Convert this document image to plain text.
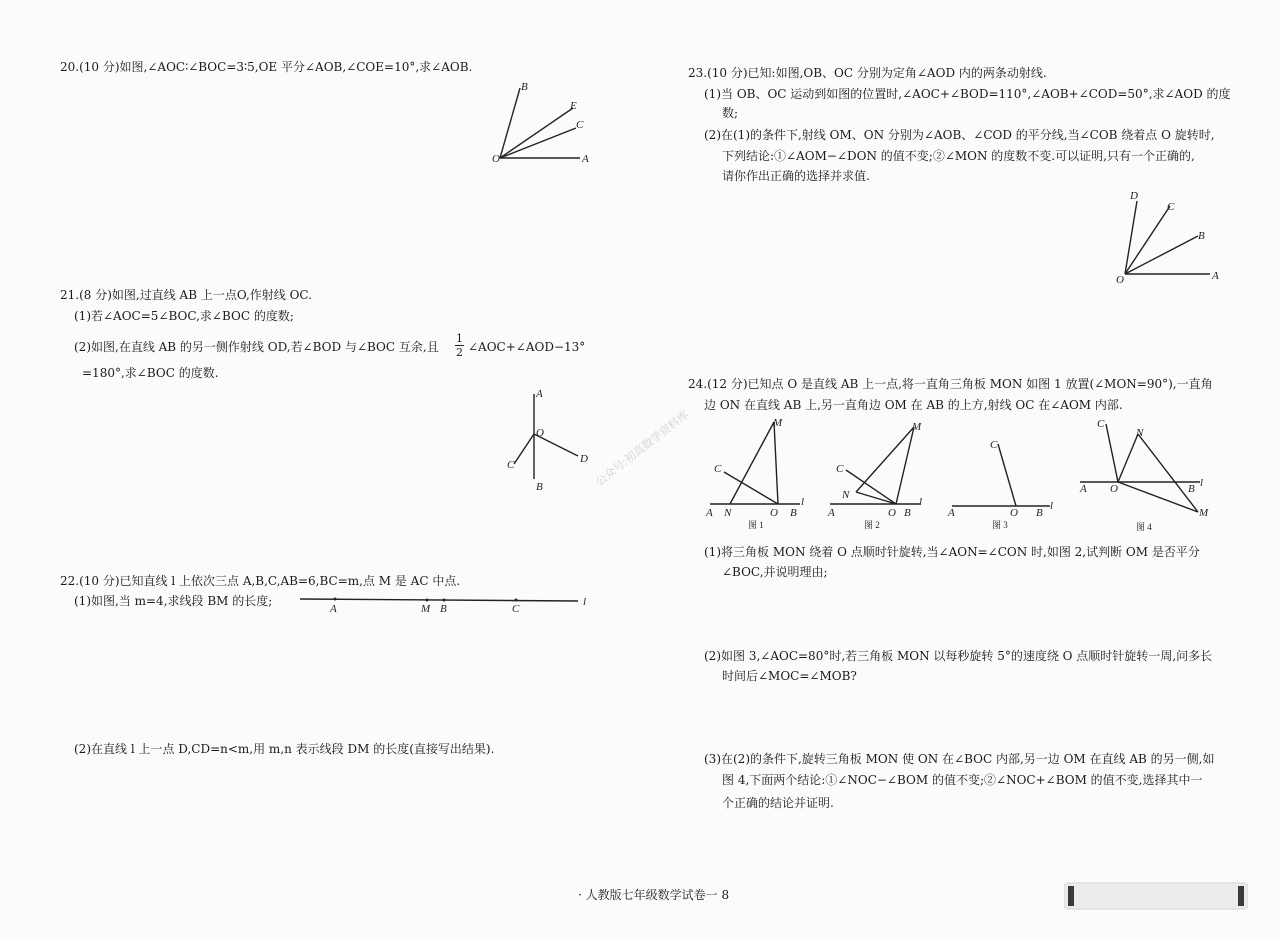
20.(10 分)如图,∠AOC∶∠BOC=3∶5,OE 平分∠AOB,∠COE=10°,求∠AOB.
B
E
C
O	A
21.(8 分)如图,过直线 AB 上一点O,作射线 OC.
(1)若∠AOC=5∠BOC,求∠BOC 的度数;
(2)如图,在直线 AB 的另一侧作射线 OD,若∠BOD 与∠BOC 互余,且
1
2 ∠AOC+∠AOD−13°
=180°,求∠BOC 的度数.
A
O
C	D
B	公众号:初高数学资料库
22.(10 分)已知直线 l 上依次三点 A,B,C,AB=6,BC=m,点 M 是 AC 中点.
(1)如图,当 m=4,求线段 BM 的长度;
A	M B	C
l
(2)在直线 l 上一点 D,CD=n<m,用 m,n 表示线段 DM 的长度(直接写出结果).
23.(10 分)已知:如图,OB、OC 分别为定角∠AOD 内的两条动射线.
(1)当 OB、OC 运动到如图的位置时,∠AOC+∠BOD=110°,∠AOB+∠COD=50°,求∠AOD 的度
数;
(2)在(1)的条件下,射线 OM、ON 分别为∠AOB、∠COD 的平分线,当∠COB 绕着点 O 旋转时,
下列结论:①∠AOM−∠DON 的值不变;②∠MON 的度数不变.可以证明,只有一个正确的,
请你作出正确的选择并求值.
D
C
B
O	A
24.(12 分)已知点 O 是直线 AB 上一点,将一直角三角板 MON 如图 1 放置(∠MON=90°),一直角
边 ON 在直线 AB 上,另一直角边 OM 在 AB 的上方,射线 OC 在∠AOM 内部.
A N	O B
l
M
C
图 1
A	O B
l
M
C
N
图 2
A	O B
l
C
图 3
A O	B l
C
N
M
图 4
(1)将三角板 MON 绕着 O 点顺时针旋转,当∠AON=∠CON 时,如图 2,试判断 OM 是否平分
∠BOC,并说明理由;
(2)如图 3,∠AOC=80°时,若三角板 MON 以每秒旋转 5°的速度绕 O 点顺时针旋转一周,问多长
时间后∠MOC=∠MOB?
(3)在(2)的条件下,旋转三角板 MON 使 ON 在∠BOC 内部,另一边 OM 在直线 AB 的另一侧,如
图 4,下面两个结论:①∠NOC−∠BOM 的值不变;②∠NOC+∠BOM 的值不变,选择其中一
个正确的结论并证明.
· 人教版七年级数学试卷一 8
